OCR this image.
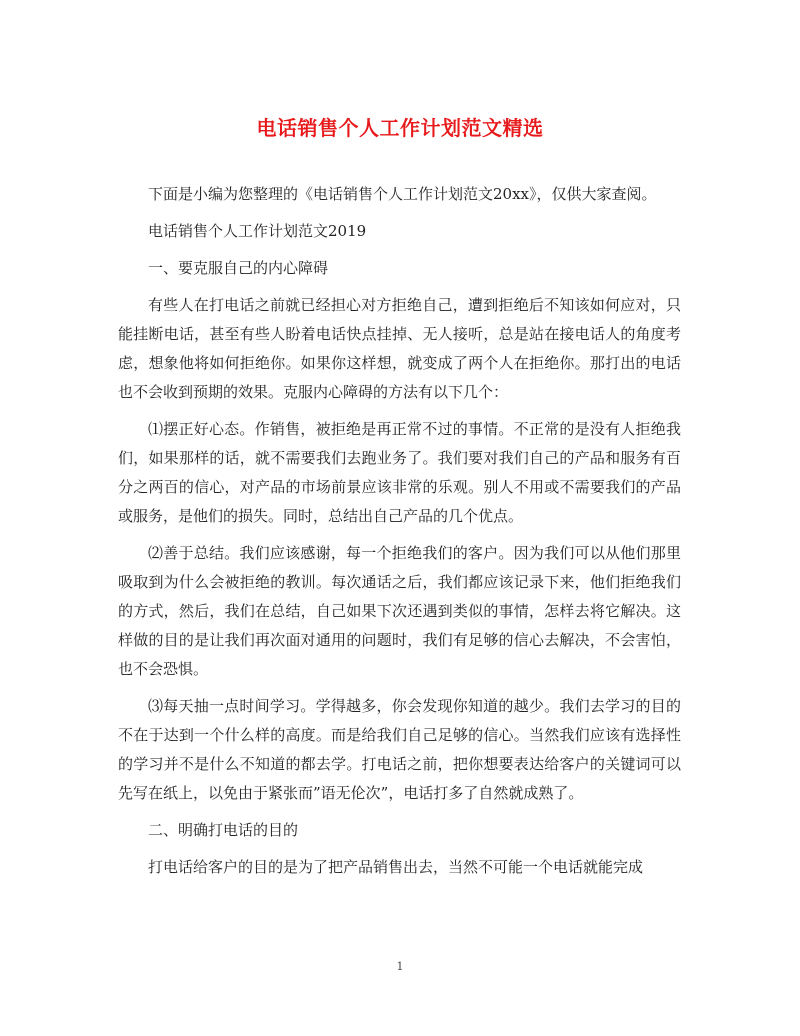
电话销售个人工作计划范文精选

下面是小编为您整理的《电话销售个人工作计划范文20xx》，仅供大家查阅。

电话销售个人工作计划范文2019

一、要克服自己的内心障碍

有些人在打电话之前就已经担心对方拒绝自己，遭到拒绝后不知该如何应对，只能挂断电话，甚至有些人盼着电话快点挂掉、无人接听，总是站在接电话人的角度考虑，想象他将如何拒绝你。如果你这样想，就变成了两个人在拒绝你。那打出的电话也不会收到预期的效果。克服内心障碍的方法有以下几个：

⑴摆正好心态。作销售，被拒绝是再正常不过的事情。不正常的是没有人拒绝我们，如果那样的话，就不需要我们去跑业务了。我们要对我们自己的产品和服务有百分之两百的信心，对产品的市场前景应该非常的乐观。别人不用或不需要我们的产品或服务，是他们的损失。同时，总结出自己产品的几个优点。

⑵善于总结。我们应该感谢，每一个拒绝我们的客户。因为我们可以从他们那里吸取到为什么会被拒绝的教训。每次通话之后，我们都应该记录下来，他们拒绝我们的方式，然后，我们在总结，自己如果下次还遇到类似的事情，怎样去将它解决。这样做的目的是让我们再次面对通用的问题时，我们有足够的信心去解决，不会害怕，也不会恐惧。

⑶每天抽一点时间学习。学得越多，你会发现你知道的越少。我们去学习的目的不在于达到一个什么样的高度。而是给我们自己足够的信心。当然我们应该有选择性的学习并不是什么不知道的都去学。打电话之前，把你想要表达给客户的关键词可以先写在纸上，以免由于紧张而”语无伦次”，电话打多了自然就成熟了。

二、明确打电话的目的

打电话给客户的目的是为了把产品销售出去，当然不可能一个电话就能完成

1
